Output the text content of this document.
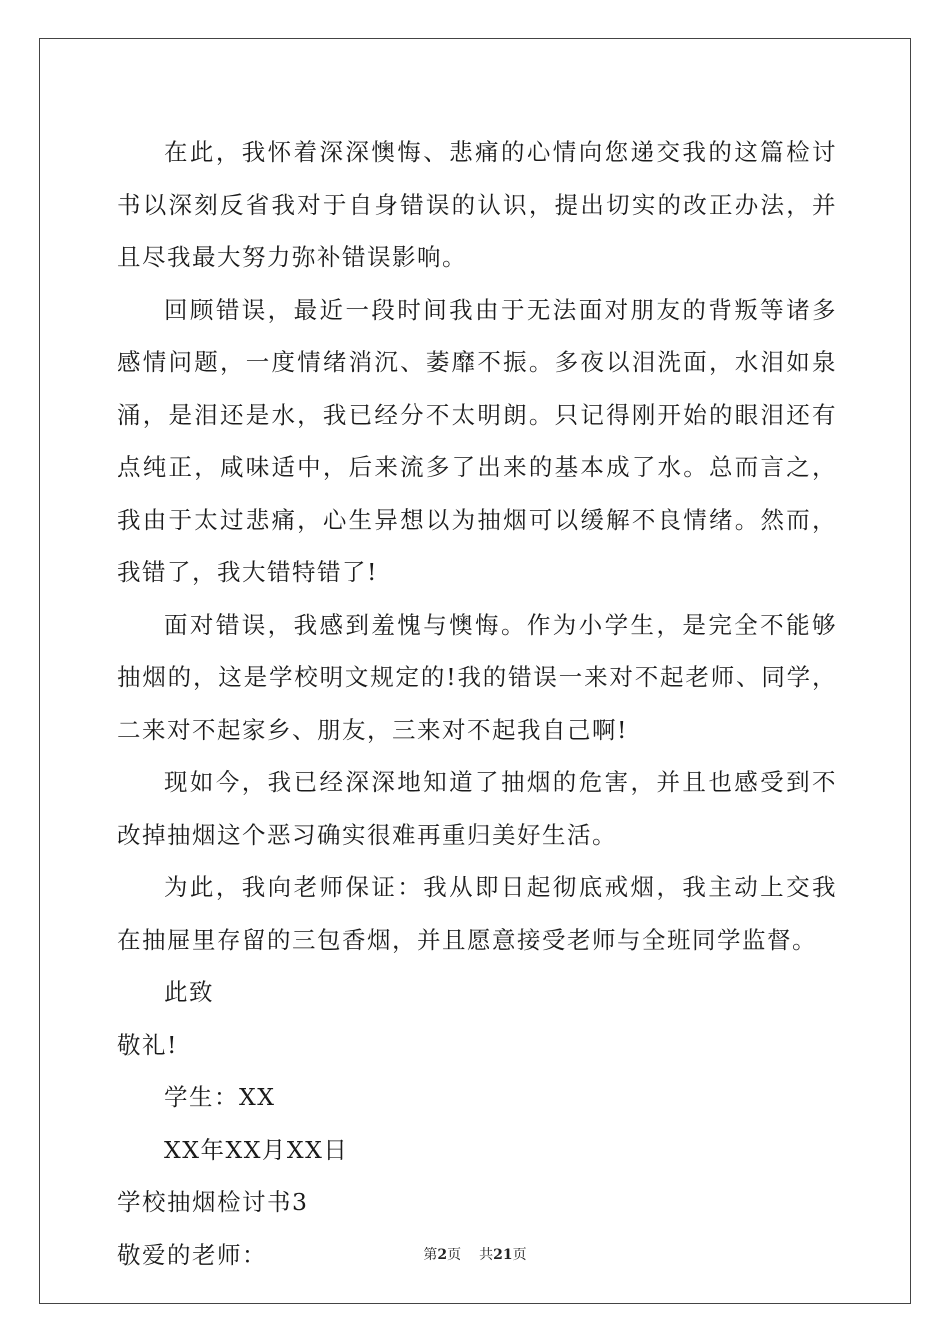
在此，我怀着深深懊悔、悲痛的心情向您递交我的这篇检讨书以深刻反省我对于自身错误的认识，提出切实的改正办法，并且尽我最大努力弥补错误影响。

回顾错误，最近一段时间我由于无法面对朋友的背叛等诸多感情问题，一度情绪消沉、萎靡不振。多夜以泪洗面，水泪如泉涌，是泪还是水，我已经分不太明朗。只记得刚开始的眼泪还有点纯正，咸味适中，后来流多了出来的基本成了水。总而言之，我由于太过悲痛，心生异想以为抽烟可以缓解不良情绪。然而，我错了，我大错特错了!

面对错误，我感到羞愧与懊悔。作为小学生，是完全不能够抽烟的，这是学校明文规定的!我的错误一来对不起老师、同学，二来对不起家乡、朋友，三来对不起我自己啊!

现如今，我已经深深地知道了抽烟的危害，并且也感受到不改掉抽烟这个恶习确实很难再重归美好生活。

为此，我向老师保证：我从即日起彻底戒烟，我主动上交我在抽屉里存留的三包香烟，并且愿意接受老师与全班同学监督。

此致

敬礼!

学生：XX

XX年XX月XX日

学校抽烟检讨书3

敬爱的老师：	第2页 共21页
